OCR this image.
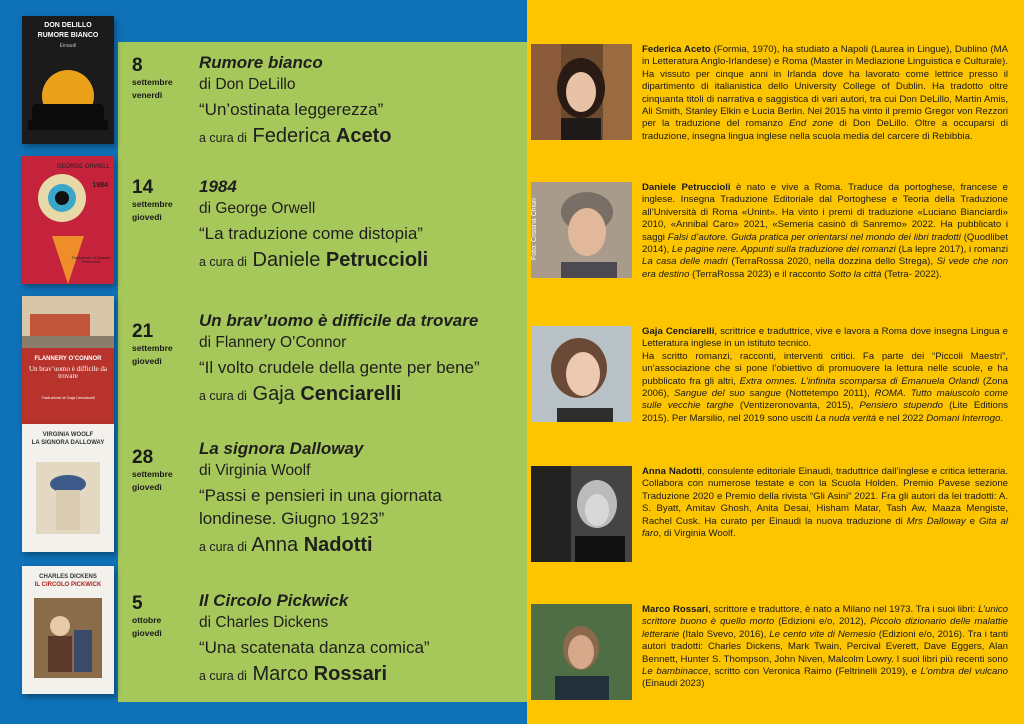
DON DELILLO
RUMORE BIANCO
Einaudi
GEORGE ORWELL
1984
Traduzione di Daniele Petruccioli
FLANNERY O’CONNOR
Un brav’uomo è difficile da trovare
Traduzione di Gaja Cenciarelli
VIRGINIA WOOLF
LA SIGNORA DALLOWAY
CHARLES DICKENS
IL CIRCOLO PICKWICK
8
settembre
venerdì
14
settembre
giovedì
21
settembre
giovedì
28
settembre
giovedì
5
ottobre
giovedì
Rumore bianco
di Don DeLillo
“Un’ostinata leggerezza”
a cura di Federica Aceto
1984
di George Orwell
“La traduzione come distopia”
a cura di Daniele Petruccioli
Un brav’uomo è difficile da trovare
di Flannery O’Connor
“Il volto crudele della gente per bene”
a cura di Gaja Cenciarelli
La signora Dalloway
di Virginia Woolf
“Passi e pensieri in una giornata londinese. Giugno 1923”
a cura di Anna Nadotti
Il Circolo Pickwick
di Charles Dickens
“Una scatenata danza comica”
a cura di Marco Rossari
Foto: Cristina Chiuri
Federica Aceto (Formia, 1970), ha studiato a Napoli (Laurea in Lingue), Dublino (MA in Letteratura Anglo-Irlandese) e Roma (Master in Mediazione Linguistica e Culturale). Ha vissuto per cinque anni in Irlanda dove ha lavorato come lettrice presso il dipartimento di italianistica dello University College of Dublin. Ha tradotto oltre cinquanta titoli di narrativa e saggistica di vari autori, tra cui Don DeLillo, Martin Amis, Ali Smith, Stanley Elkin e Lucia Berlin. Nel 2015 ha vinto il premio Gregor von Rezzori per la traduzione del romanzo End zone di Don DeLillo. Oltre a occuparsi di traduzione, insegna lingua inglese nella scuola media del carcere di Rebibbia.
Daniele Petruccioli è nato e vive a Roma. Traduce da portoghese, francese e inglese. Insegna Traduzione Editoriale dal Portoghese e Teoria della Traduzione all’Università di Roma «Unint». Ha vinto i premi di traduzione «Luciano Bianciardi» 2010, «Annibal Caro» 2021, «Semeria casinò di Sanremo» 2022. Ha pubblicato i saggi Falsi d’autore. Guida pratica per orientarsi nel mondo dei libri tradotti (Quodlibet 2014), Le pagine nere. Appunti sulla traduzione dei romanzi (La lepre 2017), i romanzi La casa delle madri (TerraRossa 2020, nella dozzina dello Strega), Si vede che non era destino (TerraRossa 2023) e il racconto Sotto la città (Tetra- 2022).
Gaja Cenciarelli, scrittrice e traduttrice, vive e lavora a Roma dove insegna Lingua e Letteratura inglese in un istituto tecnico.
Ha scritto romanzi, racconti, interventi critici. Fa parte dei “Piccoli Maestri”, un’associazione che si pone l’obiettivo di promuovere la lettura nelle scuole, e ha pubblicato fra gli altri, Extra omnes. L’infinita scomparsa di Emanuela Orlandi (Zona 2006), Sangue del suo sangue (Nottetempo 2011), ROMA. Tutto maiuscolo come sulle vecchie targhe (Ventizeronovanta, 2015), Pensiero stupendo (Lite Editions 2015). Per Marsilio, nel 2019 sono usciti La nuda verità e nel 2022 Domani Interrogo.
Anna Nadotti, consulente editoriale Einaudi, traduttrice dall’inglese e critica letteraria. Collabora con numerose testate e con la Scuola Holden. Premio Pavese sezione Traduzione 2020 e Premio della rivista “Gli Asini” 2021. Fra gli autori da lei tradotti: A. S. Byatt, Amitav Ghosh, Anita Desai, Hisham Matar, Tash Aw, Maaza Mengiste, Rachel Cusk. Ha curato per Einaudi la nuova traduzione di Mrs Dalloway e Gita al faro, di Virginia Woolf.
Marco Rossari, scrittore e traduttore, è nato a Milano nel 1973. Tra i suoi libri: L’unico scrittore buono è quello morto (Edizioni e/o, 2012), Piccolo dizionario delle malattie letterarie (Italo Svevo, 2016), Le cento vite di Nemesio (Edizioni e/o, 2016). Tra i tanti autori tradotti: Charles Dickens, Mark Twain, Percival Everett, Dave Eggers, Alan Bennett, Hunter S. Thompson, John Niven, Malcolm Lowry. I suoi libri più recenti sono Le bambinacce, scritto con Veronica Raimo (Feltrinelli 2019), e L’ombra del vulcano (Einaudi 2023)
